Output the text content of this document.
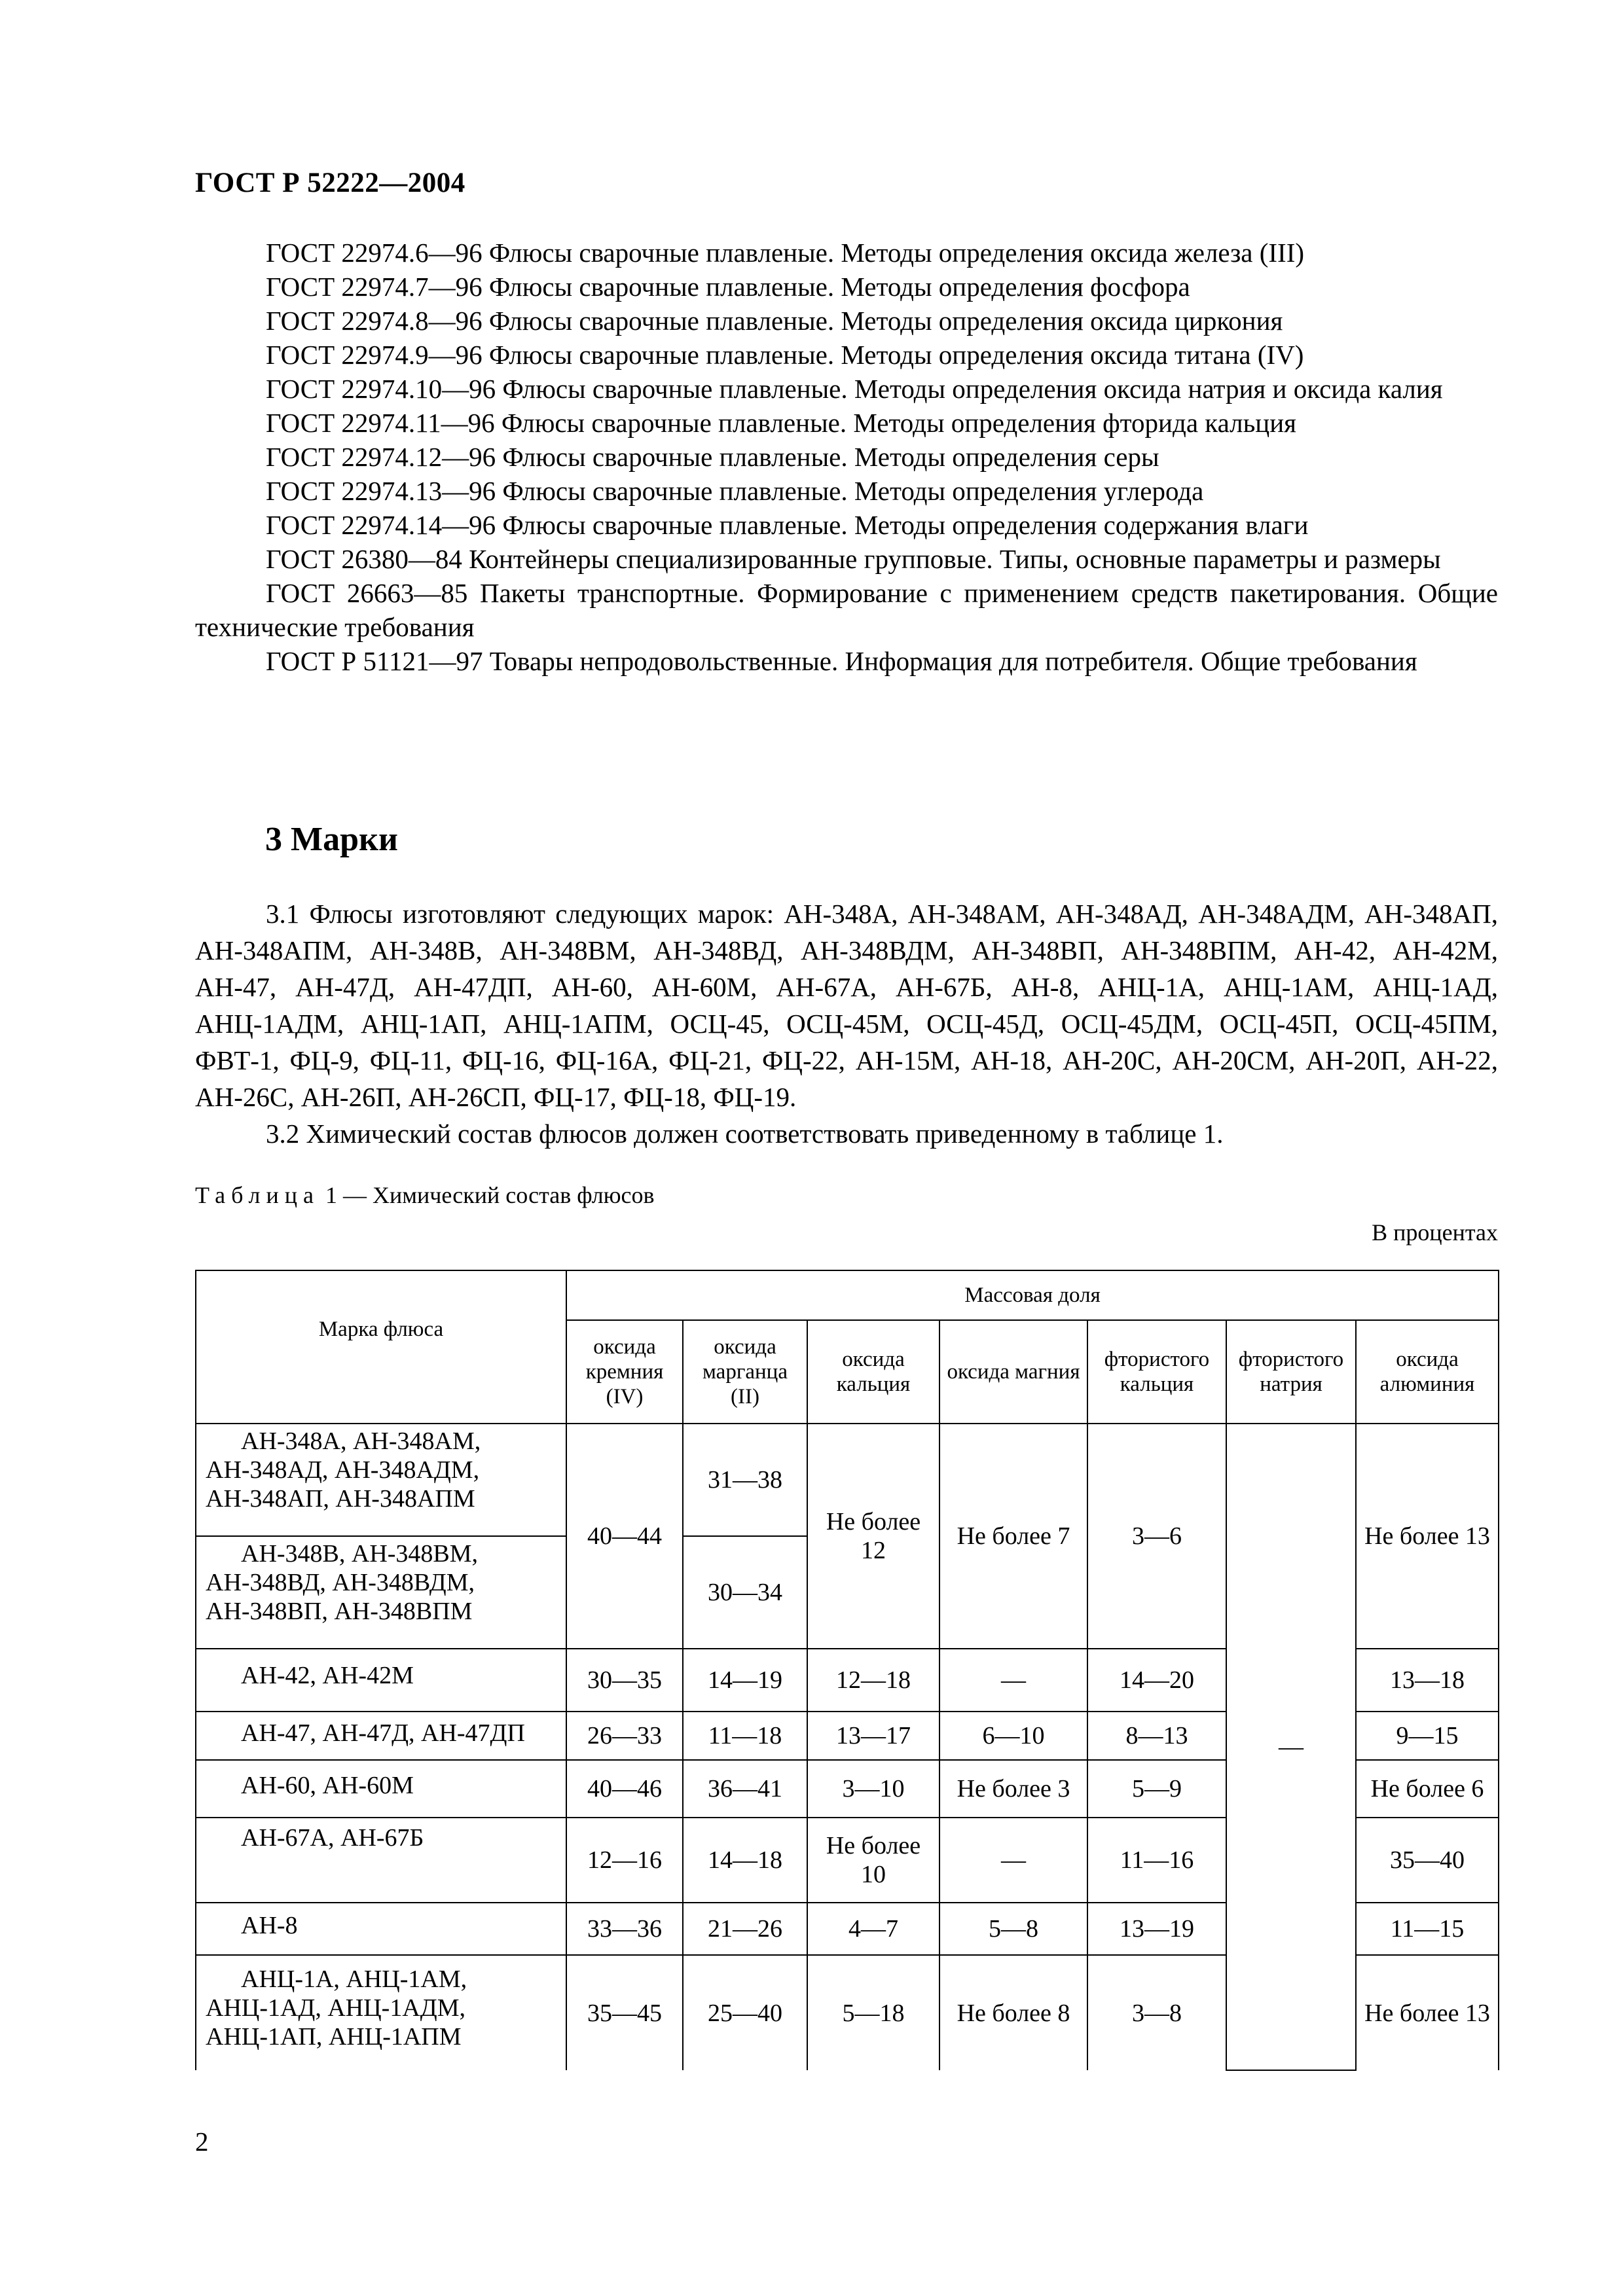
ГОСТ Р 52222—2004

ГОСТ 22974.6—96 Флюсы сварочные плавленые. Методы определения оксида железа (III)

ГОСТ 22974.7—96 Флюсы сварочные плавленые. Методы определения фосфора

ГОСТ 22974.8—96 Флюсы сварочные плавленые. Методы определения оксида циркония

ГОСТ 22974.9—96 Флюсы сварочные плавленые. Методы определения оксида титана (IV)

ГОСТ 22974.10—96 Флюсы сварочные плавленые. Методы определения оксида натрия и оксида калия

ГОСТ 22974.11—96 Флюсы сварочные плавленые. Методы определения фторида кальция

ГОСТ 22974.12—96 Флюсы сварочные плавленые. Методы определения серы

ГОСТ 22974.13—96 Флюсы сварочные плавленые. Методы определения углерода

ГОСТ 22974.14—96 Флюсы сварочные плавленые. Методы определения содержания влаги

ГОСТ 26380—84 Контейнеры специализированные групповые. Типы, основные параметры и размеры

ГОСТ 26663—85 Пакеты транспортные. Формирование с применением средств пакетирования. Общие технические требования

ГОСТ Р 51121—97 Товары непродовольственные. Информация для потребителя. Общие требования

3 Марки

3.1 Флюсы изготовляют следующих марок: АН-348А, АН-348АМ, АН-348АД, АН-348АДМ, АН-348АП, АН-348АПМ, АН-348В, АН-348ВМ, АН-348ВД, АН-348ВДМ, АН-348ВП, АН-348ВПМ, АН-42, АН-42М, АН-47, АН-47Д, АН-47ДП, АН-60, АН-60М, АН-67А, АН-67Б, АН-8, АНЦ-1А, АНЦ-1АМ, АНЦ-1АД, АНЦ-1АДМ, АНЦ-1АП, АНЦ-1АПМ, ОСЦ-45, ОСЦ-45М, ОСЦ-45Д, ОСЦ-45ДМ, ОСЦ-45П, ОСЦ-45ПМ, ФВТ-1, ФЦ-9, ФЦ-11, ФЦ-16, ФЦ-16А, ФЦ-21, ФЦ-22, АН-15М, АН-18, АН-20С, АН-20СМ, АН-20П, АН-22, АН-26С, АН-26П, АН-26СП, ФЦ-17, ФЦ-18, ФЦ-19.

3.2 Химический состав флюсов должен соответствовать приведенному в таблице 1.

Таблица 1 — Химический состав флюсов
В процентах
Марка флюса	Массовая доля						
	оксида кремния (IV)	оксида марганца (II)	оксида кальция	оксида магния	фтористого кальция	фтористого натрия	оксида алюминия
АН-348А, АН-348АМ, АН-348АД, АН-348АДМ, АН-348АП, АН-348АПМ	40—44	31—38	Не более 12	Не более 7	3—6	—	Не более 13
АН-348В, АН-348ВМ, АН-348ВД, АН-348ВДМ, АН-348ВП, АН-348ВПМ		30—34					
АН-42, АН-42М	30—35	14—19	12—18	—	14—20		13—18
АН-47, АН-47Д, АН-47ДП	26—33	11—18	13—17	6—10	8—13		9—15
АН-60, АН-60М	40—46	36—41	3—10	Не более 3	5—9		Не более 6
АН-67А, АН-67Б	12—16	14—18	Не более 10	—	11—16		35—40
АН-8	33—36	21—26	4—7	5—8	13—19		11—15
АНЦ-1А, АНЦ-1АМ, АНЦ-1АД, АНЦ-1АДМ, АНЦ-1АП, АНЦ-1АПМ	35—45	25—40	5—18	Не более 8	3—8		Не более 13
2
